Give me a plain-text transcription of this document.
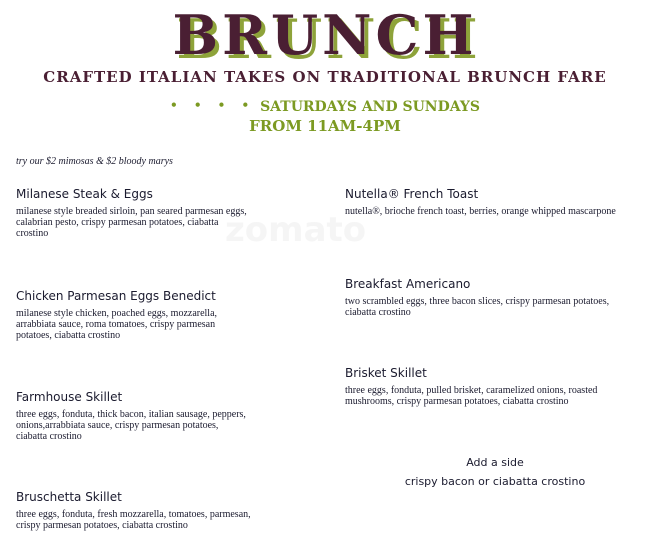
zomato
BRUNCH
CRAFTED ITALIAN TAKES ON TRADITIONAL BRUNCH FARE
• • • • SATURDAYS AND SUNDAYS
FROM 11AM-4PM
try our $2 mimosas & $2 bloody marys
Milanese Steak & Eggs
milanese style breaded sirloin, pan seared parmesan eggs, calabrian pesto, crispy parmesan potatoes, ciabatta crostino
Chicken Parmesan Eggs Benedict
milanese style chicken, poached eggs, mozzarella, arrabbiata sauce, roma tomatoes, crispy parmesan potatoes, ciabatta crostino
Farmhouse Skillet
three eggs, fonduta, thick bacon, italian sausage, peppers, onions,arrabbiata sauce, crispy parmesan potatoes, ciabatta crostino
Bruschetta Skillet
three eggs, fonduta, fresh mozzarella, tomatoes, parmesan, crispy parmesan potatoes, ciabatta crostino
Nutella® French Toast
nutella®, brioche french toast, berries, orange whipped mascarpone
Breakfast Americano
two scrambled eggs, three bacon slices, crispy parmesan potatoes, ciabatta crostino
Brisket Skillet
three eggs, fonduta, pulled brisket, caramelized onions, roasted mushrooms, crispy parmesan potatoes, ciabatta crostino
Add a side
crispy bacon or ciabatta crostino
